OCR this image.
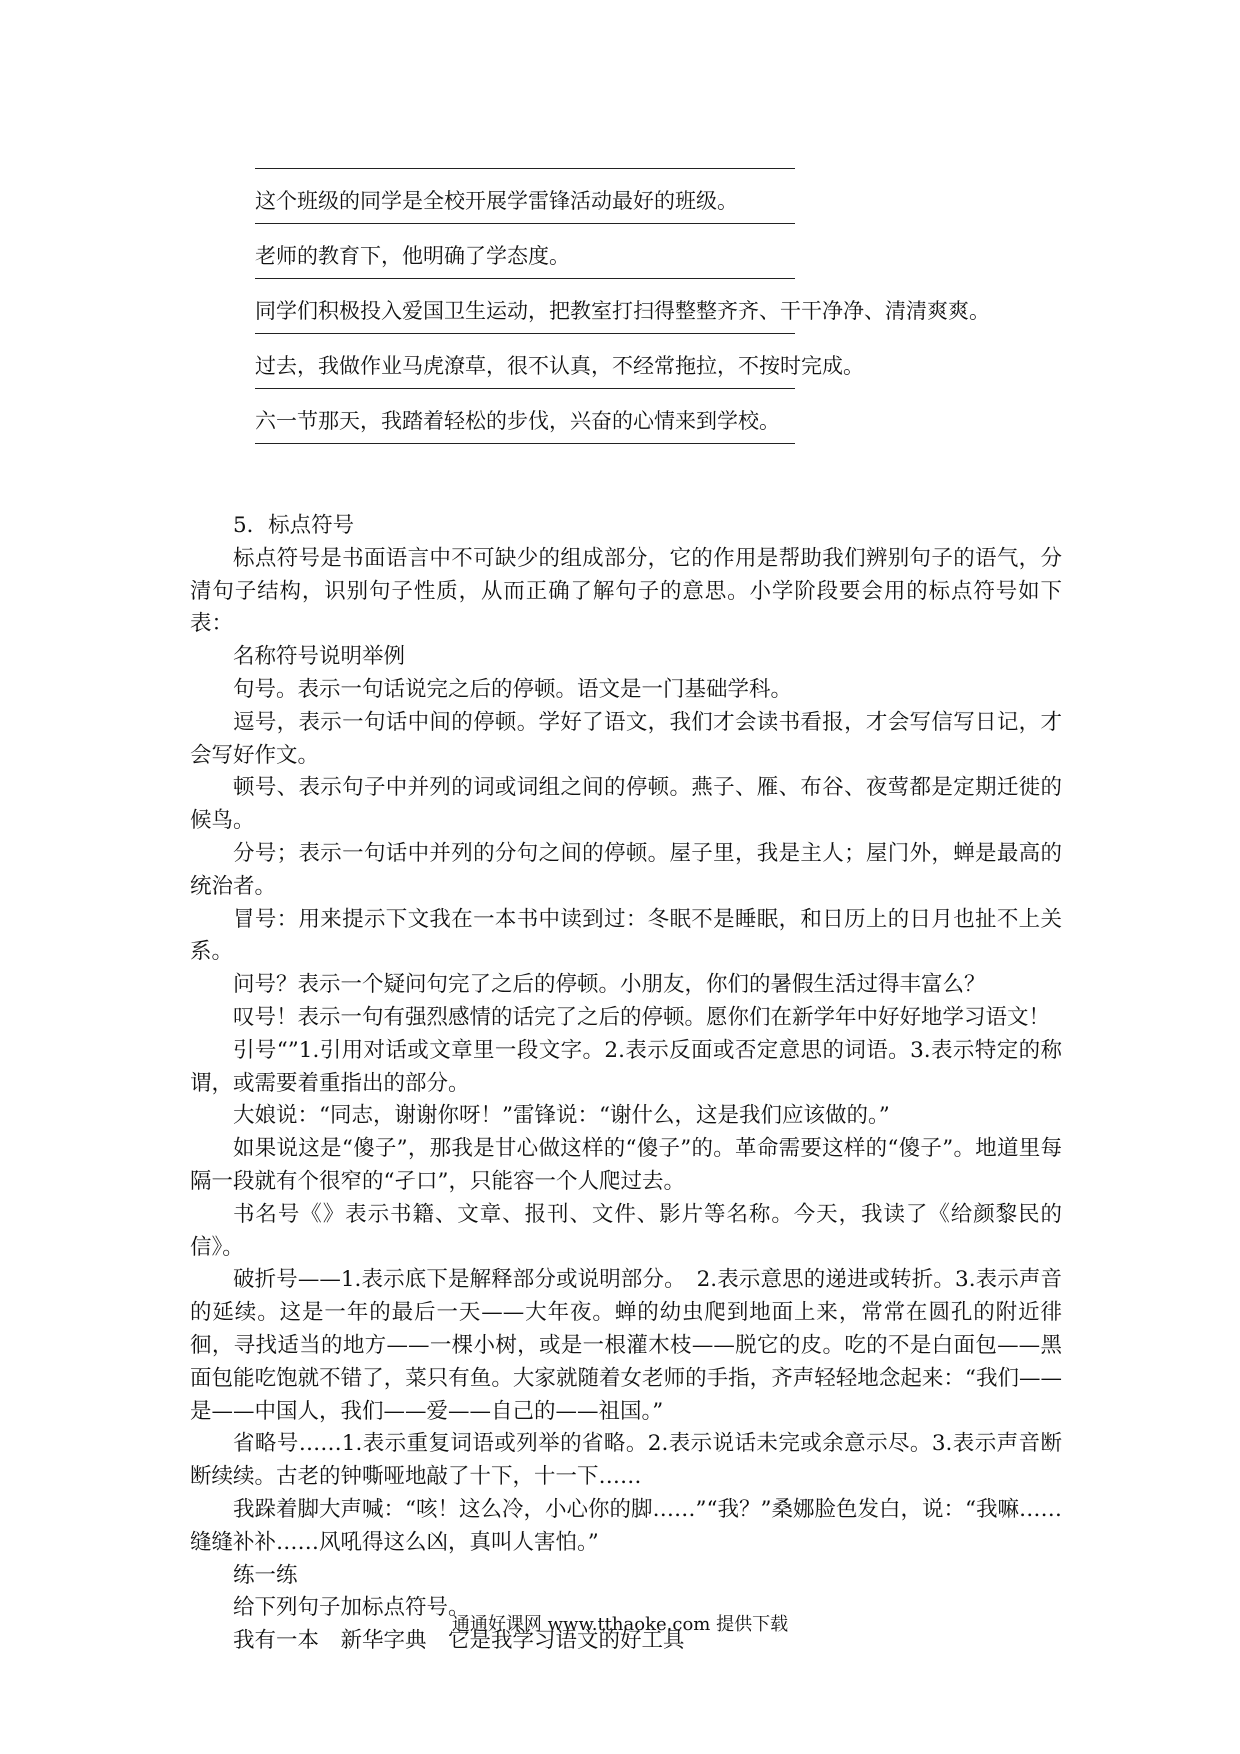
这个班级的同学是全校开展学雷锋活动最好的班级。
老师的教育下，他明确了学态度。
同学们积极投入爱国卫生运动，把教室打扫得整整齐齐、干干净净、清清爽爽。
过去，我做作业马虎潦草，很不认真，不经常拖拉，不按时完成。
六一节那天，我踏着轻松的步伐，兴奋的心情来到学校。

5．标点符号

标点符号是书面语言中不可缺少的组成部分，它的作用是帮助我们辨别句子的语气，分清句子结构，识别句子性质，从而正确了解句子的意思。小学阶段要会用的标点符号如下表：

名称符号说明举例

句号。表示一句话说完之后的停顿。语文是一门基础学科。

逗号，表示一句话中间的停顿。学好了语文，我们才会读书看报，才会写信写日记，才会写好作文。

顿号、表示句子中并列的词或词组之间的停顿。燕子、雁、布谷、夜莺都是定期迁徙的候鸟。

分号；表示一句话中并列的分句之间的停顿。屋子里，我是主人；屋门外，蝉是最高的统治者。

冒号：用来提示下文我在一本书中读到过：冬眠不是睡眠，和日历上的日月也扯不上关系。

问号？表示一个疑问句完了之后的停顿。小朋友，你们的暑假生活过得丰富么？

叹号！表示一句有强烈感情的话完了之后的停顿。愿你们在新学年中好好地学习语文！

引号“”1.引用对话或文章里一段文字。2.表示反面或否定意思的词语。3.表示特定的称谓，或需要着重指出的部分。

大娘说：“同志，谢谢你呀！”雷锋说：“谢什么，这是我们应该做的。”

如果说这是“傻子”，那我是甘心做这样的“傻子”的。革命需要这样的“傻子”。地道里每隔一段就有个很窄的“孑口”，只能容一个人爬过去。

书名号《》表示书籍、文章、报刊、文件、影片等名称。今天，我读了《给颜黎民的信》。

破折号——1.表示底下是解释部分或说明部分。　2.表示意思的递进或转折。3.表示声音的延续。这是一年的最后一天——大年夜。蝉的幼虫爬到地面上来，常常在圆孔的附近徘徊，寻找适当的地方——一棵小树，或是一根灌木枝——脱它的皮。吃的不是白面包——黑面包能吃饱就不错了，菜只有鱼。大家就随着女老师的手指，齐声轻轻地念起来：“我们——是——中国人，我们——爱——自己的——祖国。”

省略号……1.表示重复词语或列举的省略。2.表示说话未完或余意示尽。3.表示声音断断续续。古老的钟嘶哑地敲了十下，十一下……

我跺着脚大声喊：“咳！这么冷，小心你的脚……”“我？”桑娜脸色发白，说：“我嘛……缝缝补补……风吼得这么凶，真叫人害怕。”

练一练

给下列句子加标点符号。

我有一本　新华字典　它是我学习语文的好工具

通通好课网 www.tthaoke.com 提供下载
